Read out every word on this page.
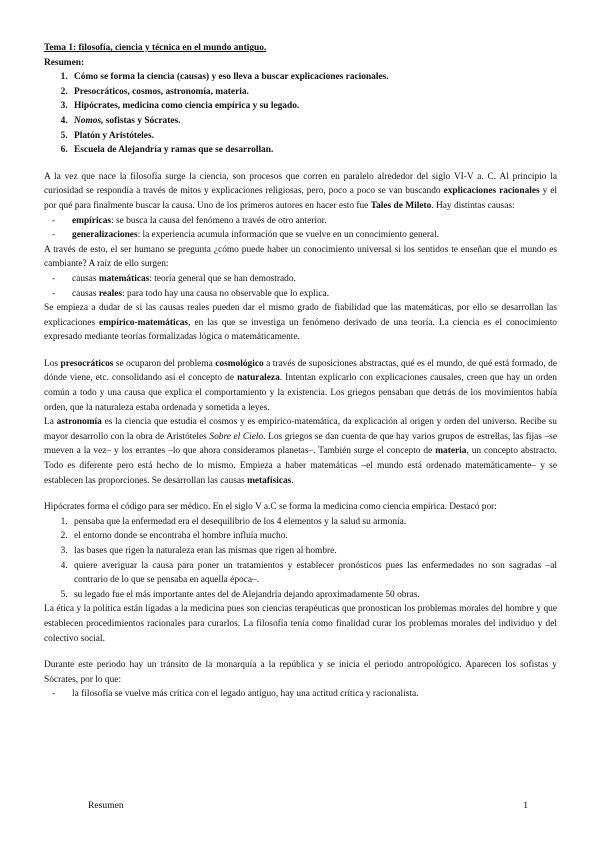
Tema 1: filosofía, ciencia y técnica en el mundo antiguo.

Resumen:

1. Cómo se forma la ciencia (causas) y eso lleva a buscar explicaciones racionales.
2. Presocráticos, cosmos, astronomía, materia.
3. Hipócrates, medicina como ciencia empírica y su legado.
4. Nomos, sofistas y Sócrates.
5. Platón y Aristóteles.
6. Escuela de Alejandría y ramas que se desarrollan.

A la vez que nace la filosofía surge la ciencia, son procesos que corren en paralelo alrededor del siglo VI-V a. C. Al principio la curiosidad se respondía a través de mitos y explicaciones religiosas, pero, poco a poco se van buscando explicaciones racionales y el por qué para finalmente buscar la causa. Uno de los primeros autores en hacer esto fue Tales de Mileto. Hay distintas causas:

- empíricas: se busca la causa del fenómeno a través de otro anterior.
- generalizaciones: la experiencia acumula información que se vuelve en un conocimiento general.

A través de esto, el ser humano se pregunta ¿cómo puede haber un conocimiento universal si los sentidos te enseñan que el mundo es cambiante? A raíz de ello surgen:

- causas matemáticas: teoría general que se han demostrado.
- causas reales: para todo hay una causa no observable que lo explica.

Se empieza a dudar de si las causas reales pueden dar el mismo grado de fiabilidad que las matemáticas, por ello se desarrollan las explicaciones empírico-matemáticas, en las que se investiga un fenómeno derivado de una teoría. La ciencia es el conocimiento expresado mediante teorías formalizadas lógica o matemáticamente.

Los presocráticos se ocuparon del problema cosmológico a través de suposiciones abstractas, qué es el mundo, de qué está formado, de dónde viene, etc. consolidando así el concepto de naturaleza. Intentan explicarlo con explicaciones causales, creen que hay un orden común a todo y una causa que explica el comportamiento y la existencia. Los griegos pensaban que detrás de los movimientos había orden, que la naturaleza estaba ordenada y sometida a leyes.

La astronomía es la ciencia que estudia el cosmos y es empírico-matemática, da explicación al origen y orden del universo. Recibe su mayor desarrollo con la obra de Aristóteles Sobre el Cielo. Los griegos se dan cuenta de que hay varios grupos de estrellas, las fijas –se mueven a la vez– y los errantes –lo que ahora consideramos planetas–. También surge el concepto de materia, un concepto abstracto. Todo es diferente pero está hecho de lo mismo. Empieza a haber matemáticas –el mundo está ordenado matemáticamente– y se establecen las proporciones. Se desarrollan las causas metafísicas.

Hipócrates forma el código para ser médico. En el siglo V a.C se forma la medicina como ciencia empírica. Destacó por:

1. pensaba que la enfermedad era el desequilibrio de los 4 elementos y la salud su armonía.
2. el entorno donde se encontraba el hombre influía mucho.
3. las bases que rigen la naturaleza eran las mismas que rigen al hombre.
4. quiere averiguar la causa para poner un tratamientos y establecer pronósticos pues las enfermedades no son sagradas –al contrario de lo que se pensaba en aquella época–.
5. su legado fue el más importante antes del de Alejandría dejando aproximadamente 50 obras.

La ética y la política están ligadas a la medicina pues son ciencias terapéuticas que pronostican los problemas morales del hombre y que establecen procedimientos racionales para curarlos. La filosofía tenía como finalidad curar los problemas morales del individuo y del colectivo social.

Durante este periodo hay un tránsito de la monarquía a la república y se inicia el periodo antropológico. Aparecen los sofistas y Sócrates, por lo que:

- la filosofía se vuelve más crítica con el legado antiguo, hay una actitud crítica y racionalista.
Resumen	1
